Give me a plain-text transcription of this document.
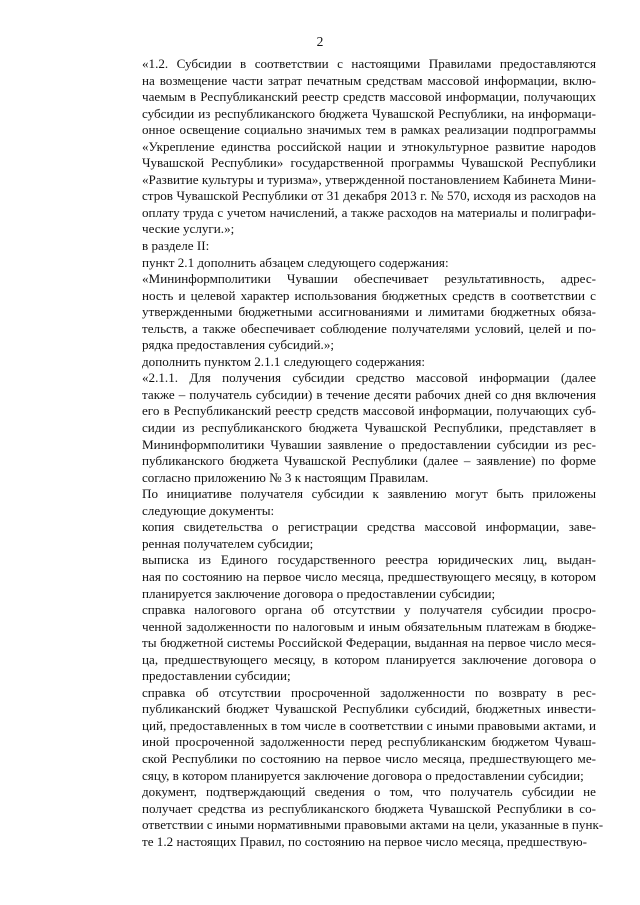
2
«1.2. Субсидии в соответствии с настоящими Правилами предоставляются
на возмещение части затрат печатным средствам массовой информации, вклю-
чаемым в Республиканский реестр средств массовой информации, получающих
субсидии из республиканского бюджета Чувашской Республики, на информаци-
онное освещение социально значимых тем в рамках реализации подпрограммы
«Укрепление единства российской нации и этнокультурное развитие народов
Чувашской Республики» государственной программы Чувашской Республики
«Развитие культуры и туризма», утвержденной постановлением Кабинета Мини-
стров Чувашской Республики от 31 декабря 2013 г. № 570, исходя из расходов на
оплату труда с учетом начислений, а также расходов на материалы и полиграфи-
ческие услуги.»;
в разделе II:
пункт 2.1 дополнить абзацем следующего содержания:
«Мининформполитики Чувашии обеспечивает результативность, адрес-
ность и целевой характер использования бюджетных средств в соответствии с
утвержденными бюджетными ассигнованиями и лимитами бюджетных обяза-
тельств, а также обеспечивает соблюдение получателями условий, целей и по-
рядка предоставления субсидий.»;
дополнить пунктом 2.1.1 следующего содержания:
«2.1.1. Для получения субсидии средство массовой информации (далее
также – получатель субсидии) в течение десяти рабочих дней со дня включения
его в Республиканский реестр средств массовой информации, получающих суб-
сидии из республиканского бюджета Чувашской Республики, представляет в
Мининформполитики Чувашии заявление о предоставлении субсидии из рес-
публиканского бюджета Чувашской Республики (далее – заявление) по форме
согласно приложению № 3 к настоящим Правилам.
По инициативе получателя субсидии к заявлению могут быть приложены
следующие документы:
копия свидетельства о регистрации средства массовой информации, заве-
ренная получателем субсидии;
выписка из Единого государственного реестра юридических лиц, выдан-
ная по состоянию на первое число месяца, предшествующего месяцу, в котором
планируется заключение договора о предоставлении субсидии;
справка налогового органа об отсутствии у получателя субсидии просро-
ченной задолженности по налоговым и иным обязательным платежам в бюдже-
ты бюджетной системы Российской Федерации, выданная на первое число меся-
ца, предшествующего месяцу, в котором планируется заключение договора о
предоставлении субсидии;
справка об отсутствии просроченной задолженности по возврату в рес-
публиканский бюджет Чувашской Республики субсидий, бюджетных инвести-
ций, предоставленных в том числе в соответствии с иными правовыми актами, и
иной просроченной задолженности перед республиканским бюджетом Чуваш-
ской Республики по состоянию на первое число месяца, предшествующего ме-
сяцу, в котором планируется заключение договора о предоставлении субсидии;
документ, подтверждающий сведения о том, что получатель субсидии не
получает средства из республиканского бюджета Чувашской Республики в со-
ответствии с иными нормативными правовыми актами на цели, указанные в пунк-
те 1.2 настоящих Правил, по состоянию на первое число месяца, предшествую-
